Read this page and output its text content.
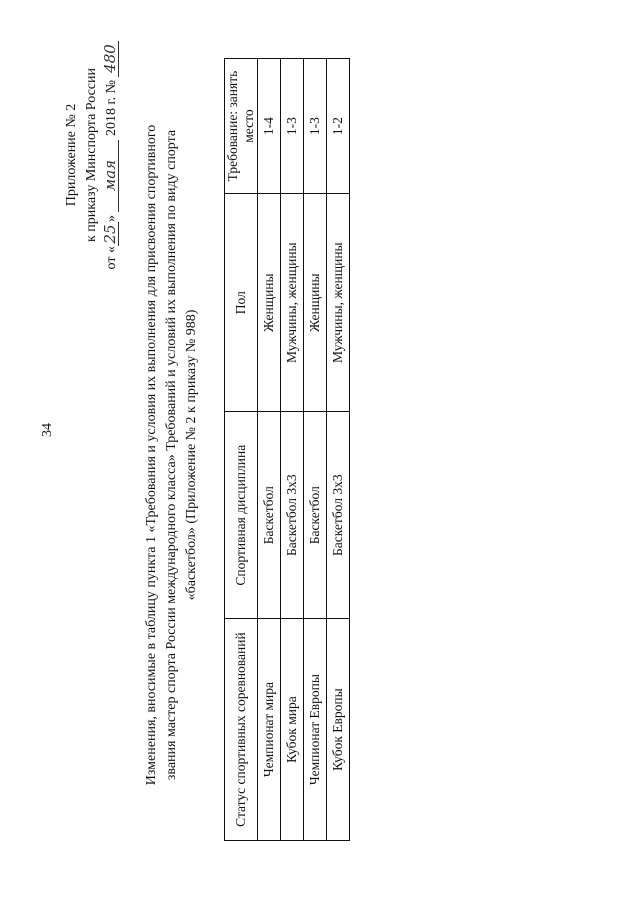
34
Приложение № 2 к приказу Минспорта России
от «25» мая 2018 г. № 480
Изменения, вносимые в таблицу пункта 1 «Требования и условия их выполнения для присвоения спортивного звания мастер спорта России международного класса» Требований и условий их выполнения по виду спорта «баскетбол» (Приложение № 2 к приказу № 988)
Статус спортивных соревнований	Спортивная дисциплина	Пол	Требование: занять место
Чемпионат мира	Баскетбол	Женщины	1-4
Кубок мира	Баскетбол 3х3	Мужчины, женщины	1-3
Чемпионат Европы	Баскетбол	Женщины	1-3
Кубок Европы	Баскетбол 3х3	Мужчины, женщины	1-2
